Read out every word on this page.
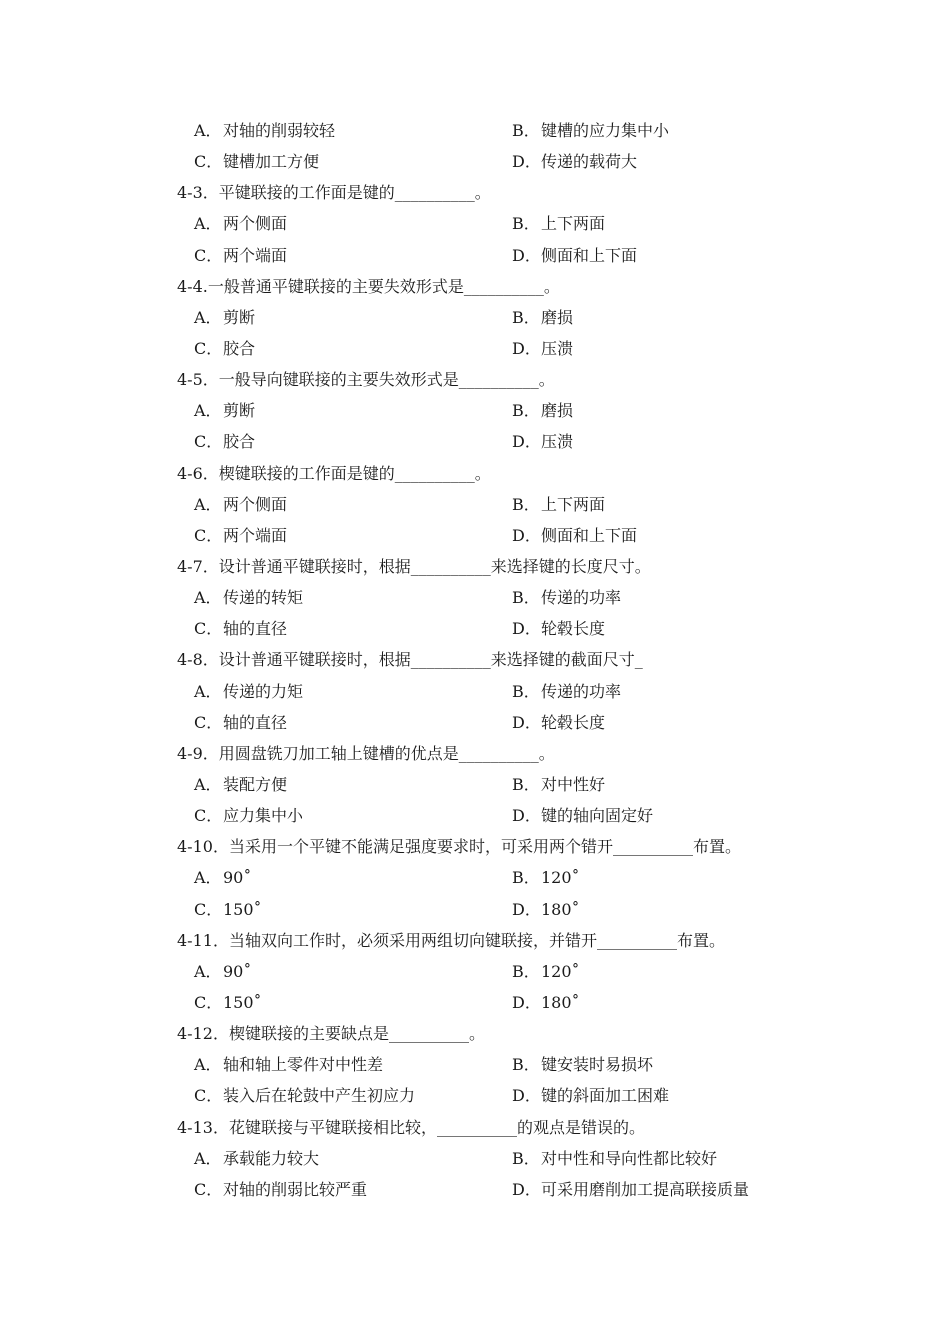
A．对轴的削弱较轻	B．键槽的应力集中小
C．键槽加工方便	D．传递的载荷大
4-3．平键联接的工作面是键的__________。
A．两个侧面	B．上下两面
C．两个端面	D．侧面和上下面
4-4.一般普通平键联接的主要失效形式是__________。
A．剪断	B．磨损
C．胶合	D．压溃
4-5．一般导向键联接的主要失效形式是__________。
A．剪断	B．磨损
C．胶合	D．压溃
4-6．楔键联接的工作面是键的__________。
A．两个侧面	B．上下两面
C．两个端面	D．侧面和上下面
4-7．设计普通平键联接时，根据__________来选择键的长度尺寸。
A．传递的转矩	B．传递的功率
C．轴的直径	D．轮毂长度
4-8．设计普通平键联接时，根据__________来选择键的截面尺寸_
A．传递的力矩	B．传递的功率
C．轴的直径	D．轮毂长度
4-9．用圆盘铣刀加工轴上键槽的优点是__________。
A．装配方便	B．对中性好
C．应力集中小	D．键的轴向固定好
4-10．当采用一个平键不能满足强度要求时，可采用两个错开__________布置。
A．90˚	B．120˚
C．150˚	D．180˚
4-11．当轴双向工作时，必须采用两组切向键联接，并错开__________布置。
A．90˚	B．120˚
C．150˚	D．180˚
4-12．楔键联接的主要缺点是__________。
A．轴和轴上零件对中性差	B．键安装时易损坏
C．装入后在轮鼓中产生初应力	D．键的斜面加工困难
4-13．花键联接与平键联接相比较，__________的观点是错误的。
A．承载能力较大	B．对中性和导向性都比较好
C．对轴的削弱比较严重	D．可采用磨削加工提高联接质量
